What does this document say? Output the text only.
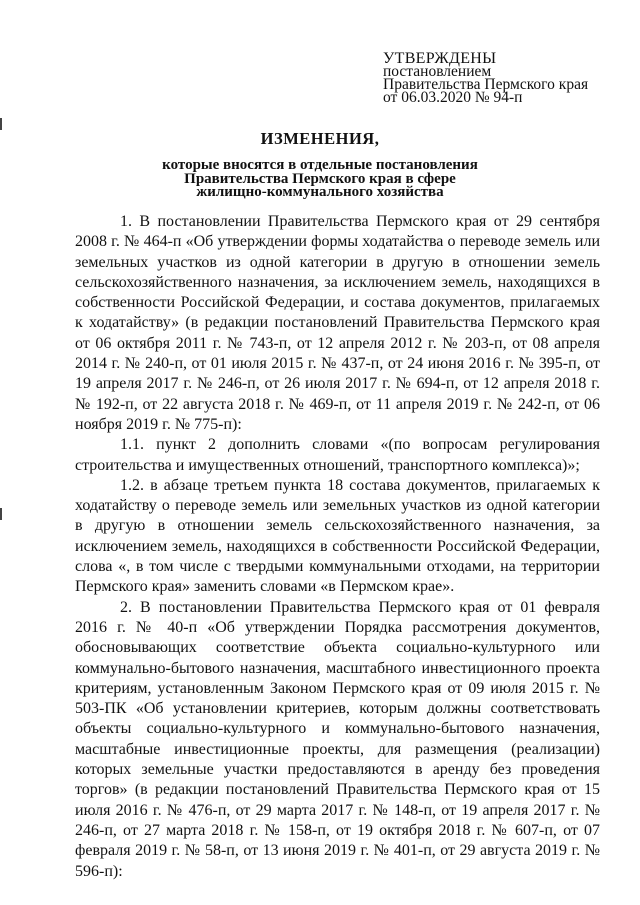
УТВЕРЖДЕНЫ
постановлением
Правительства Пермского края
от 06.03.2020 № 94-п
ИЗМЕНЕНИЯ,
которые вносятся в отдельные постановления
Правительства Пермского края в сфере
жилищно-коммунального хозяйства

1. В постановлении Правительства Пермского края от 29 сентября 2008 г. № 464-п «Об утверждении формы ходатайства о переводе земель или земельных участков из одной категории в другую в отношении земель сельскохозяйственного назначения, за исключением земель, находящихся в собственности Российской Федерации, и состава документов, прилагаемых к ходатайству» (в редакции постановлений Правительства Пермского края от 06 октября 2011 г. № 743-п, от 12 апреля 2012 г. № 203-п, от 08 апреля 2014 г. № 240-п, от 01 июля 2015 г. № 437-п, от 24 июня 2016 г. № 395-п, от 19 апреля 2017 г. № 246-п, от 26 июля 2017 г. № 694-п, от 12 апреля 2018 г. № 192-п, от 22 августа 2018 г. № 469-п, от 11 апреля 2019 г. № 242-п, от 06 ноября 2019 г. № 775-п):

1.1. пункт 2 дополнить словами «(по вопросам регулирования строительства и имущественных отношений, транспортного комплекса)»;

1.2. в абзаце третьем пункта 18 состава документов, прилагаемых к ходатайству о переводе земель или земельных участков из одной категории в другую в отношении земель сельскохозяйственного назначения, за исключением земель, находящихся в собственности Российской Федерации, слова «, в том числе с твердыми коммунальными отходами, на территории Пермского края» заменить словами «в Пермском крае».

2. В постановлении Правительства Пермского края от 01 февраля 2016 г. № 40-п «Об утверждении Порядка рассмотрения документов, обосновывающих соответствие объекта социально-культурного или коммунально-бытового назначения, масштабного инвестиционного проекта критериям, установленным Законом Пермского края от 09 июля 2015 г. № 503-ПК «Об установлении критериев, которым должны соответствовать объекты социально-культурного и коммунально-бытового назначения, масштабные инвестиционные проекты, для размещения (реализации) которых земельные участки предоставляются в аренду без проведения торгов» (в редакции постановлений Правительства Пермского края от 15 июля 2016 г. № 476-п, от 29 марта 2017 г. № 148-п, от 19 апреля 2017 г. № 246-п, от 27 марта 2018 г. № 158-п, от 19 октября 2018 г. № 607-п, от 07 февраля 2019 г. № 58-п, от 13 июня 2019 г. № 401-п, от 29 августа 2019 г. № 596-п):
